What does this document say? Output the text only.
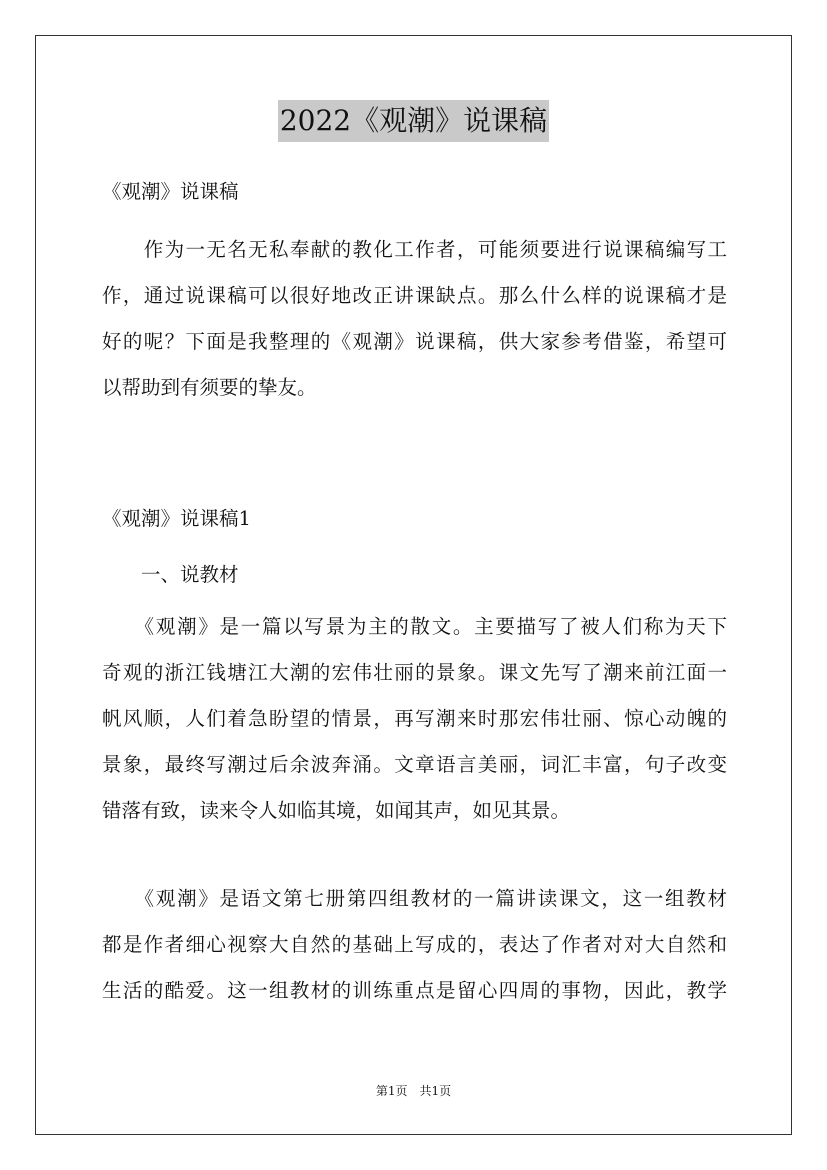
2022《观潮》说课稿
《观潮》说课稿
　　作为一无名无私奉献的教化工作者，可能须要进行说课稿编写工
作，通过说课稿可以很好地改正讲课缺点。那么什么样的说课稿才是
好的呢？下面是我整理的《观潮》说课稿，供大家参考借鉴，希望可
以帮助到有须要的挚友。
《观潮》说课稿1
　　一、说教材
　　《观潮》是一篇以写景为主的散文。主要描写了被人们称为天下
奇观的浙江钱塘江大潮的宏伟壮丽的景象。课文先写了潮来前江面一
帆风顺，人们着急盼望的情景，再写潮来时那宏伟壮丽、惊心动魄的
景象，最终写潮过后余波奔涌。文章语言美丽，词汇丰富，句子改变
错落有致，读来令人如临其境，如闻其声，如见其景。
　　《观潮》是语文第七册第四组教材的一篇讲读课文，这一组教材
都是作者细心视察大自然的基础上写成的，表达了作者对对大自然和
生活的酷爱。这一组教材的训练重点是留心四周的事物，因此，教学
第1页　共1页
